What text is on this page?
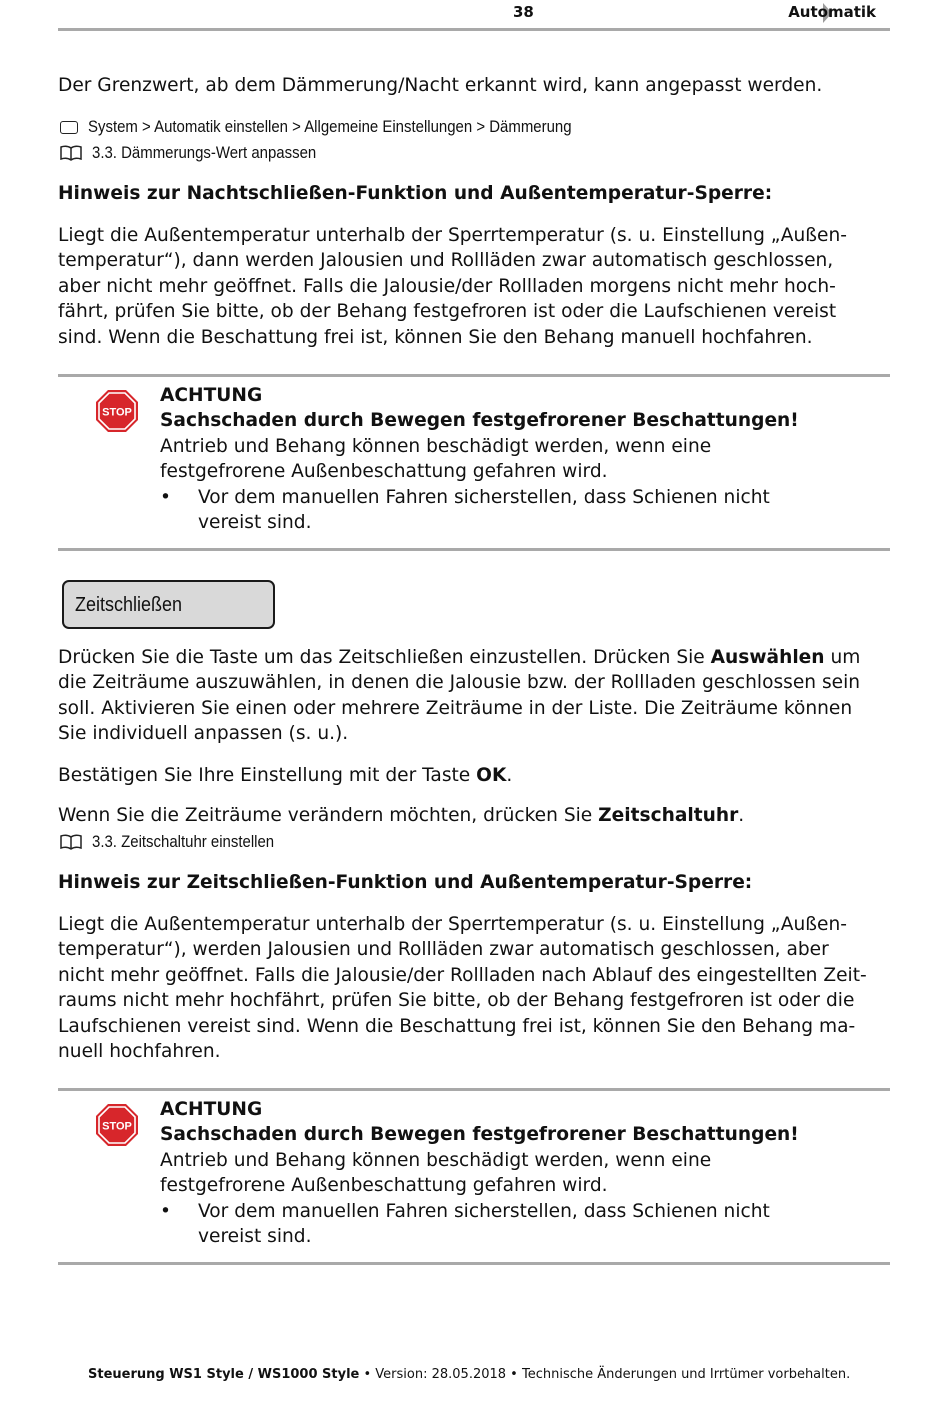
38	Automatik

Der Grenzwert, ab dem Dämmerung/Nacht erkannt wird, kann angepasst werden.

System > Automatik einstellen > Allgemeine Einstellungen > Dämmerung
3.3. Dämmerungs-Wert anpassen

Hinweis zur Nachtschließen-Funktion und Außentemperatur-Sperre:

Liegt die Außentemperatur unterhalb der Sperrtemperatur (s. u. Einstellung „Außen-
temperatur“), dann werden Jalousien und Rollläden zwar automatisch geschlossen,
aber nicht mehr geöffnet. Falls die Jalousie/der Rollladen morgens nicht mehr hoch-
fährt, prüfen Sie bitte, ob der Behang festgefroren ist oder die Laufschienen vereist
sind. Wenn die Beschattung frei ist, können Sie den Behang manuell hochfahren.
STOP
ACHTUNG
Sachschaden durch Bewegen festgefrorener Beschattungen!
Antrieb und Behang können beschädigt werden, wenn eine
festgefrorene Außenbeschattung gefahren wird.
• Vor dem manuellen Fahren sicherstellen, dass Schienen nicht
vereist sind.
Zeitschließen
Drücken Sie die Taste um das Zeitschließen einzustellen. Drücken Sie Auswählen um
die Zeiträume auszuwählen, in denen die Jalousie bzw. der Rollladen geschlossen sein
soll. Aktivieren Sie einen oder mehrere Zeiträume in der Liste. Die Zeiträume können
Sie individuell anpassen (s. u.).

Bestätigen Sie Ihre Einstellung mit der Taste OK.

Wenn Sie die Zeiträume verändern möchten, drücken Sie Zeitschaltuhr.

3.3. Zeitschaltuhr einstellen

Hinweis zur Zeitschließen-Funktion und Außentemperatur-Sperre:

Liegt die Außentemperatur unterhalb der Sperrtemperatur (s. u. Einstellung „Außen-
temperatur“), werden Jalousien und Rollläden zwar automatisch geschlossen, aber
nicht mehr geöffnet. Falls die Jalousie/der Rollladen nach Ablauf des eingestellten Zeit-
raums nicht mehr hochfährt, prüfen Sie bitte, ob der Behang festgefroren ist oder die
Laufschienen vereist sind. Wenn die Beschattung frei ist, können Sie den Behang ma-
nuell hochfahren.
STOP
ACHTUNG
Sachschaden durch Bewegen festgefrorener Beschattungen!
Antrieb und Behang können beschädigt werden, wenn eine
festgefrorene Außenbeschattung gefahren wird.
• Vor dem manuellen Fahren sicherstellen, dass Schienen nicht
vereist sind.
Steuerung WS1 Style / WS1000 Style • Version: 28.05.2018 • Technische Änderungen und Irrtümer vorbehalten.
